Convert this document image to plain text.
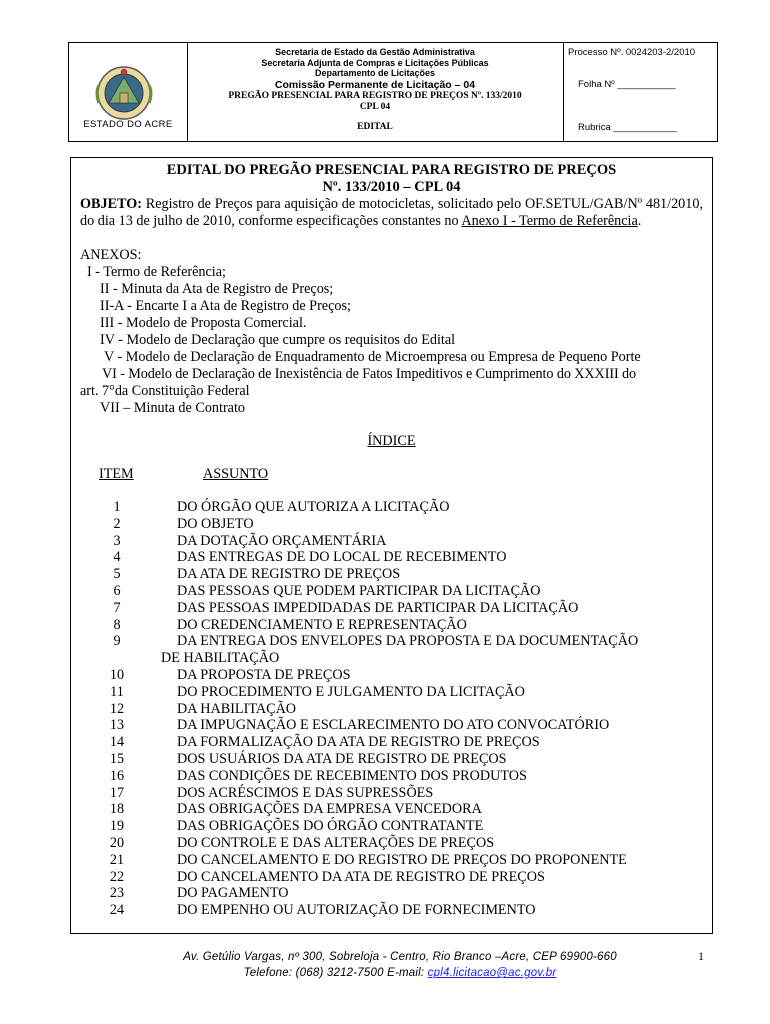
ESTADO DO ACRE
Secretaria de Estado da Gestão Administrativa
Secretaria Adjunta de Compras e Licitações Públicas
Departamento de Licitações
Comissão Permanente de Licitação – 04
PREGÃO PRESENCIAL PARA REGISTRO DE PREÇOS Nº. 133/2010
CPL 04
EDITAL
Processo Nº. 0024203-2/2010
Folha Nº ___________
Rubrica ____________
EDITAL DO PREGÃO PRESENCIAL PARA REGISTRO DE PREÇOS
Nº. 133/2010 – CPL 04
OBJETO: Registro de Preços para aquisição de motocicletas, solicitado pelo OF.SETUL/GAB/Nº 481/2010, do dia 13 de julho de 2010, conforme especificações constantes no Anexo I - Termo de Referência.
ANEXOS:
I - Termo de Referência;
II - Minuta da Ata de Registro de Preços;
II-A - Encarte I a Ata de Registro de Preços;
III - Modelo de Proposta Comercial.
IV - Modelo de Declaração que cumpre os requisitos do Edital
V - Modelo de Declaração de Enquadramento de Microempresa ou Empresa de Pequeno Porte
VI - Modelo de Declaração de Inexistência de Fatos Impeditivos e Cumprimento do XXXIII do
art. 7°da Constituição Federal
VII – Minuta de Contrato
ÍNDICE
ITEM	ASSUNTO
1	DO ÓRGÃO QUE AUTORIZA A LICITAÇÃO
2	DO OBJETO
3	DA DOTAÇÃO ORÇAMENTÁRIA
4	DAS ENTREGAS DE DO LOCAL DE RECEBIMENTO
5	DA ATA DE REGISTRO DE PREÇOS
6	DAS PESSOAS QUE PODEM PARTICIPAR DA LICITAÇÃO
7	DAS PESSOAS IMPEDIDADAS DE PARTICIPAR DA LICITAÇÃO
8	DO CREDENCIAMENTO E REPRESENTAÇÃO
9	DA ENTREGA DOS ENVELOPES DA PROPOSTA E DA DOCUMENTAÇÃO
DE HABILITAÇÃO
10	DA PROPOSTA DE PREÇOS
11	DO PROCEDIMENTO E JULGAMENTO DA LICITAÇÃO
12	DA HABILITAÇÃO
13	DA IMPUGNAÇÃO E ESCLARECIMENTO DO ATO CONVOCATÓRIO
14	DA FORMALIZAÇÃO DA ATA DE REGISTRO DE PREÇOS
15	DOS USUÁRIOS DA ATA DE REGISTRO DE PREÇOS
16	DAS CONDIÇÕES DE RECEBIMENTO DOS PRODUTOS
17	DOS ACRÉSCIMOS E DAS SUPRESSÕES
18	DAS OBRIGAÇÕES DA EMPRESA VENCEDORA
19	DAS OBRIGAÇÕES DO ÓRGÃO CONTRATANTE
20	DO CONTROLE E DAS ALTERAÇÕES DE PREÇOS
21	DO CANCELAMENTO E DO REGISTRO DE PREÇOS DO PROPONENTE
22	DO CANCELAMENTO DA ATA DE REGISTRO DE PREÇOS
23	DO PAGAMENTO
24	DO EMPENHO OU AUTORIZAÇÃO DE FORNECIMENTO
Av. Getúlio Vargas, nº 300, Sobreloja - Centro, Rio Branco –Acre, CEP 69900-660
Telefone: (068) 3212-7500 E-mail: cpl4.licitacao@ac.gov.br
1
